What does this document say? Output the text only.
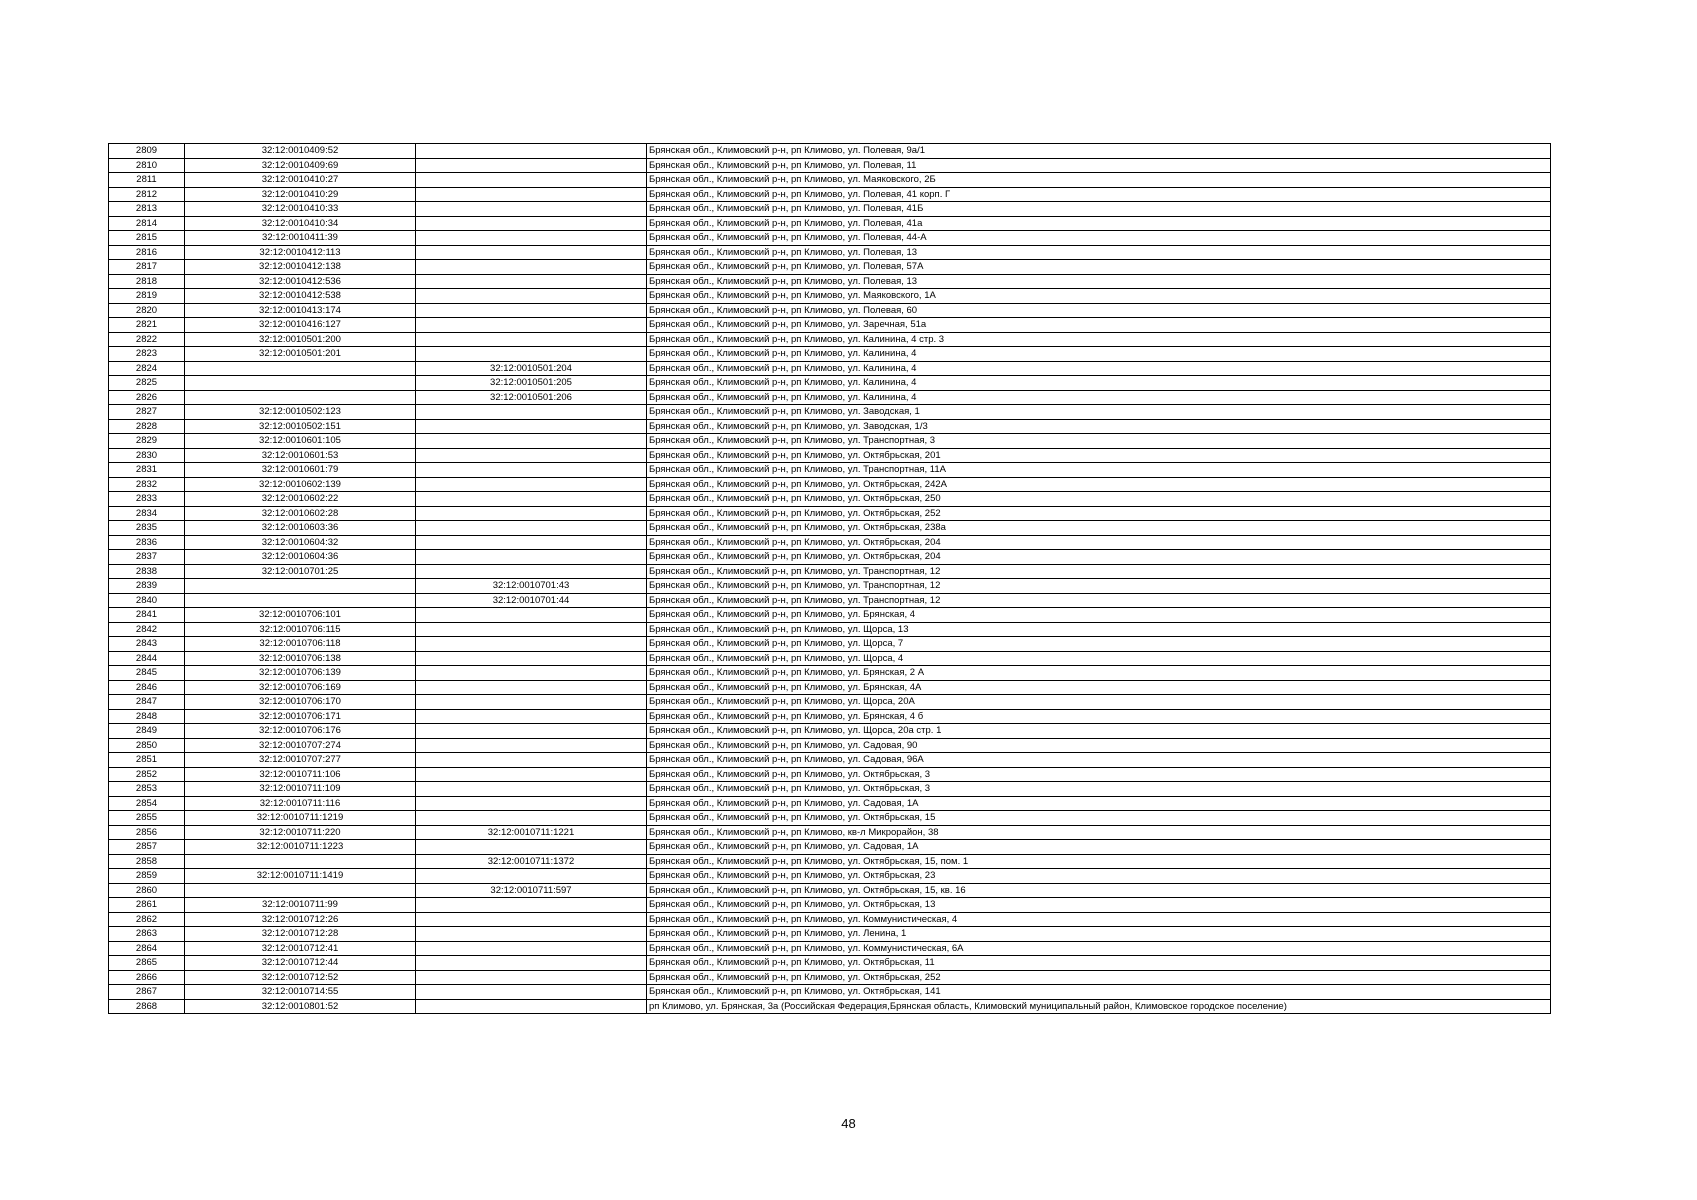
2809	32:12:0010409:52		Брянская обл., Климовский р-н, рп Климово, ул. Полевая, 9а/1
2810	32:12:0010409:69		Брянская обл., Климовский р-н, рп Климово, ул. Полевая, 11
2811	32:12:0010410:27		Брянская обл., Климовский р-н, рп Климово, ул. Маяковского, 2Б
2812	32:12:0010410:29		Брянская обл., Климовский р-н, рп Климово, ул. Полевая, 41 корп. Г
2813	32:12:0010410:33		Брянская обл., Климовский р-н, рп Климово, ул. Полевая, 41Б
2814	32:12:0010410:34		Брянская обл., Климовский р-н, рп Климово, ул. Полевая, 41а
2815	32:12:0010411:39		Брянская обл., Климовский р-н, рп Климово, ул. Полевая, 44-А
2816	32:12:0010412:113		Брянская обл., Климовский р-н, рп Климово, ул. Полевая, 13
2817	32:12:0010412:138		Брянская обл., Климовский р-н, рп Климово, ул. Полевая, 57А
2818	32:12:0010412:536		Брянская обл., Климовский р-н, рп Климово, ул. Полевая, 13
2819	32:12:0010412:538		Брянская обл., Климовский р-н, рп Климово, ул. Маяковского, 1А
2820	32:12:0010413:174		Брянская обл., Климовский р-н, рп Климово, ул. Полевая, 60
2821	32:12:0010416:127		Брянская обл., Климовский р-н, рп Климово, ул. Заречная, 51а
2822	32:12:0010501:200		Брянская обл., Климовский р-н, рп Климово, ул. Калинина, 4 стр. 3
2823	32:12:0010501:201		Брянская обл., Климовский р-н, рп Климово, ул. Калинина, 4
2824		32:12:0010501:204	Брянская обл., Климовский р-н, рп Климово, ул. Калинина, 4
2825		32:12:0010501:205	Брянская обл., Климовский р-н, рп Климово, ул. Калинина, 4
2826		32:12:0010501:206	Брянская обл., Климовский р-н, рп Климово, ул. Калинина, 4
2827	32:12:0010502:123		Брянская обл., Климовский р-н, рп Климово, ул. Заводская, 1
2828	32:12:0010502:151		Брянская обл., Климовский р-н, рп Климово, ул. Заводская, 1/3
2829	32:12:0010601:105		Брянская обл., Климовский р-н, рп Климово, ул. Транспортная, 3
2830	32:12:0010601:53		Брянская обл., Климовский р-н, рп Климово, ул. Октябрьская, 201
2831	32:12:0010601:79		Брянская обл., Климовский р-н, рп Климово, ул. Транспортная, 11А
2832	32:12:0010602:139		Брянская обл., Климовский р-н, рп Климово, ул. Октябрьская, 242А
2833	32:12:0010602:22		Брянская обл., Климовский р-н, рп Климово, ул. Октябрьская, 250
2834	32:12:0010602:28		Брянская обл., Климовский р-н, рп Климово, ул. Октябрьская, 252
2835	32:12:0010603:36		Брянская обл., Климовский р-н, рп Климово, ул. Октябрьская, 238а
2836	32:12:0010604:32		Брянская обл., Климовский р-н, рп Климово, ул. Октябрьская, 204
2837	32:12:0010604:36		Брянская обл., Климовский р-н, рп Климово, ул. Октябрьская, 204
2838	32:12:0010701:25		Брянская обл., Климовский р-н, рп Климово, ул. Транспортная, 12
2839		32:12:0010701:43	Брянская обл., Климовский р-н, рп Климово, ул. Транспортная, 12
2840		32:12:0010701:44	Брянская обл., Климовский р-н, рп Климово, ул. Транспортная, 12
2841	32:12:0010706:101		Брянская обл., Климовский р-н, рп Климово, ул. Брянская, 4
2842	32:12:0010706:115		Брянская обл., Климовский р-н, рп Климово, ул. Щорса, 13
2843	32:12:0010706:118		Брянская обл., Климовский р-н, рп Климово, ул. Щорса, 7
2844	32:12:0010706:138		Брянская обл., Климовский р-н, рп Климово, ул. Щорса, 4
2845	32:12:0010706:139		Брянская обл., Климовский р-н, рп Климово, ул. Брянская, 2 А
2846	32:12:0010706:169		Брянская обл., Климовский р-н, рп Климово, ул. Брянская, 4А
2847	32:12:0010706:170		Брянская обл., Климовский р-н, рп Климово, ул. Щорса, 20А
2848	32:12:0010706:171		Брянская обл., Климовский р-н, рп Климово, ул. Брянская, 4 б
2849	32:12:0010706:176		Брянская обл., Климовский р-н, рп Климово, ул. Щорса, 20а стр. 1
2850	32:12:0010707:274		Брянская обл., Климовский р-н, рп Климово, ул. Садовая, 90
2851	32:12:0010707:277		Брянская обл., Климовский р-н, рп Климово, ул. Садовая, 96А
2852	32:12:0010711:106		Брянская обл., Климовский р-н, рп Климово, ул. Октябрьская, 3
2853	32:12:0010711:109		Брянская обл., Климовский р-н, рп Климово, ул. Октябрьская, 3
2854	32:12:0010711:116		Брянская обл., Климовский р-н, рп Климово, ул. Садовая, 1А
2855	32:12:0010711:1219		Брянская обл., Климовский р-н, рп Климово, ул. Октябрьская, 15
2856	32:12:0010711:220	32:12:0010711:1221	Брянская обл., Климовский р-н, рп Климово, кв-л Микрорайон, 38
2857	32:12:0010711:1223		Брянская обл., Климовский р-н, рп Климово, ул. Садовая, 1А
2858		32:12:0010711:1372	Брянская обл., Климовский р-н, рп Климово, ул. Октябрьская, 15, пом. 1
2859	32:12:0010711:1419		Брянская обл., Климовский р-н, рп Климово, ул. Октябрьская, 23
2860		32:12:0010711:597	Брянская обл., Климовский р-н, рп Климово, ул. Октябрьская, 15, кв. 16
2861	32:12:0010711:99		Брянская обл., Климовский р-н, рп Климово, ул. Октябрьская, 13
2862	32:12:0010712:26		Брянская обл., Климовский р-н, рп Климово, ул. Коммунистическая, 4
2863	32:12:0010712:28		Брянская обл., Климовский р-н, рп Климово, ул. Ленина, 1
2864	32:12:0010712:41		Брянская обл., Климовский р-н, рп Климово, ул. Коммунистическая, 6А
2865	32:12:0010712:44		Брянская обл., Климовский р-н, рп Климово, ул. Октябрьская, 11
2866	32:12:0010712:52		Брянская обл., Климовский р-н, рп Климово, ул. Октябрьская, 252
2867	32:12:0010714:55		Брянская обл., Климовский р-н, рп Климово, ул. Октябрьская, 141
2868	32:12:0010801:52		рп Климово, ул. Брянская, 3а (Российская Федерация,Брянская область, Климовский муниципальный район, Климовское городское поселение)
48
